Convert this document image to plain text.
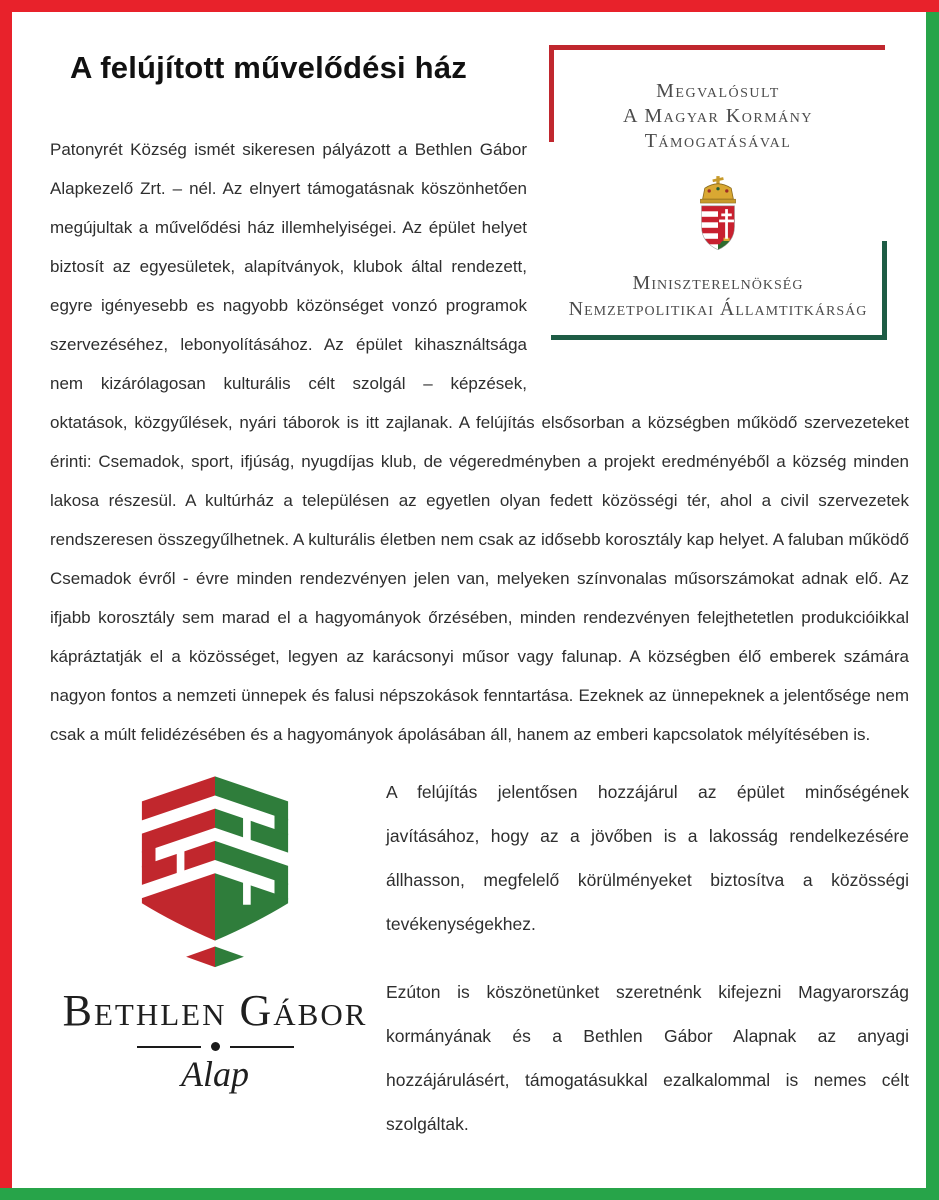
A felújított művelődési ház
Megvalósult
A Magyar Kormány
Támogatásával
Miniszterelnökség
Nemzetpolitikai Államtitkárság

Patonyrét Község ismét sikeresen pályázott a Bethlen Gábor Alapkezelő Zrt. – nél. Az elnyert támogatásnak köszönhetően megújultak a művelődési ház illemhelyiségei. Az épület helyet biztosít az egyesületek, alapítványok, klubok által rendezett, egyre igényesebb es nagyobb közönséget vonzó programok szervezéséhez, lebonyolításához. Az épület kihasználtsága nem kizárólagosan kulturális célt szolgál – képzések, oktatások, közgyűlések, nyári táborok is itt zajlanak. A felújítás elsősorban a községben működő szervezeteket érinti: Csemadok, sport, ifjúság, nyugdíjas klub, de végeredményben a projekt eredményéből a község minden lakosa részesül. A kultúrház a településen az egyetlen olyan fedett közösségi tér, ahol a civil szervezetek rendszeresen összegyűlhetnek. A kulturális életben nem csak az idősebb korosztály kap helyet. A faluban működő Csemadok évről - évre minden rendezvényen jelen van, melyeken színvonalas műsorszámokat adnak elő. Az ifjabb korosztály sem marad el a hagyományok őrzésében, minden rendezvényen felejthetetlen produkcióikkal kápráztatják el a közösséget, legyen az karácsonyi műsor vagy falunap. A községben élő emberek számára nagyon fontos a nemzeti ünnepek és falusi népszokások fenntartása. Ezeknek az ünnepeknek a jelentősége nem csak a múlt felidézésében és a hagyományok ápolásában áll, hanem az emberi kapcsolatok mélyítésében is.

Bethlen Gábor
Alap

A felújítás jelentősen hozzájárul az épület minőségének javításához, hogy az a jövőben is a lakosság rendelkezésére állhasson, megfelelő körülményeket biztosítva a közösségi tevékenységekhez.

Ezúton is köszönetünket szeretnénk kifejezni Magyarország kormányának és a Bethlen Gábor Alapnak az anyagi hozzájárulásért, támogatásukkal ezalkalommal is nemes célt szolgáltak.
